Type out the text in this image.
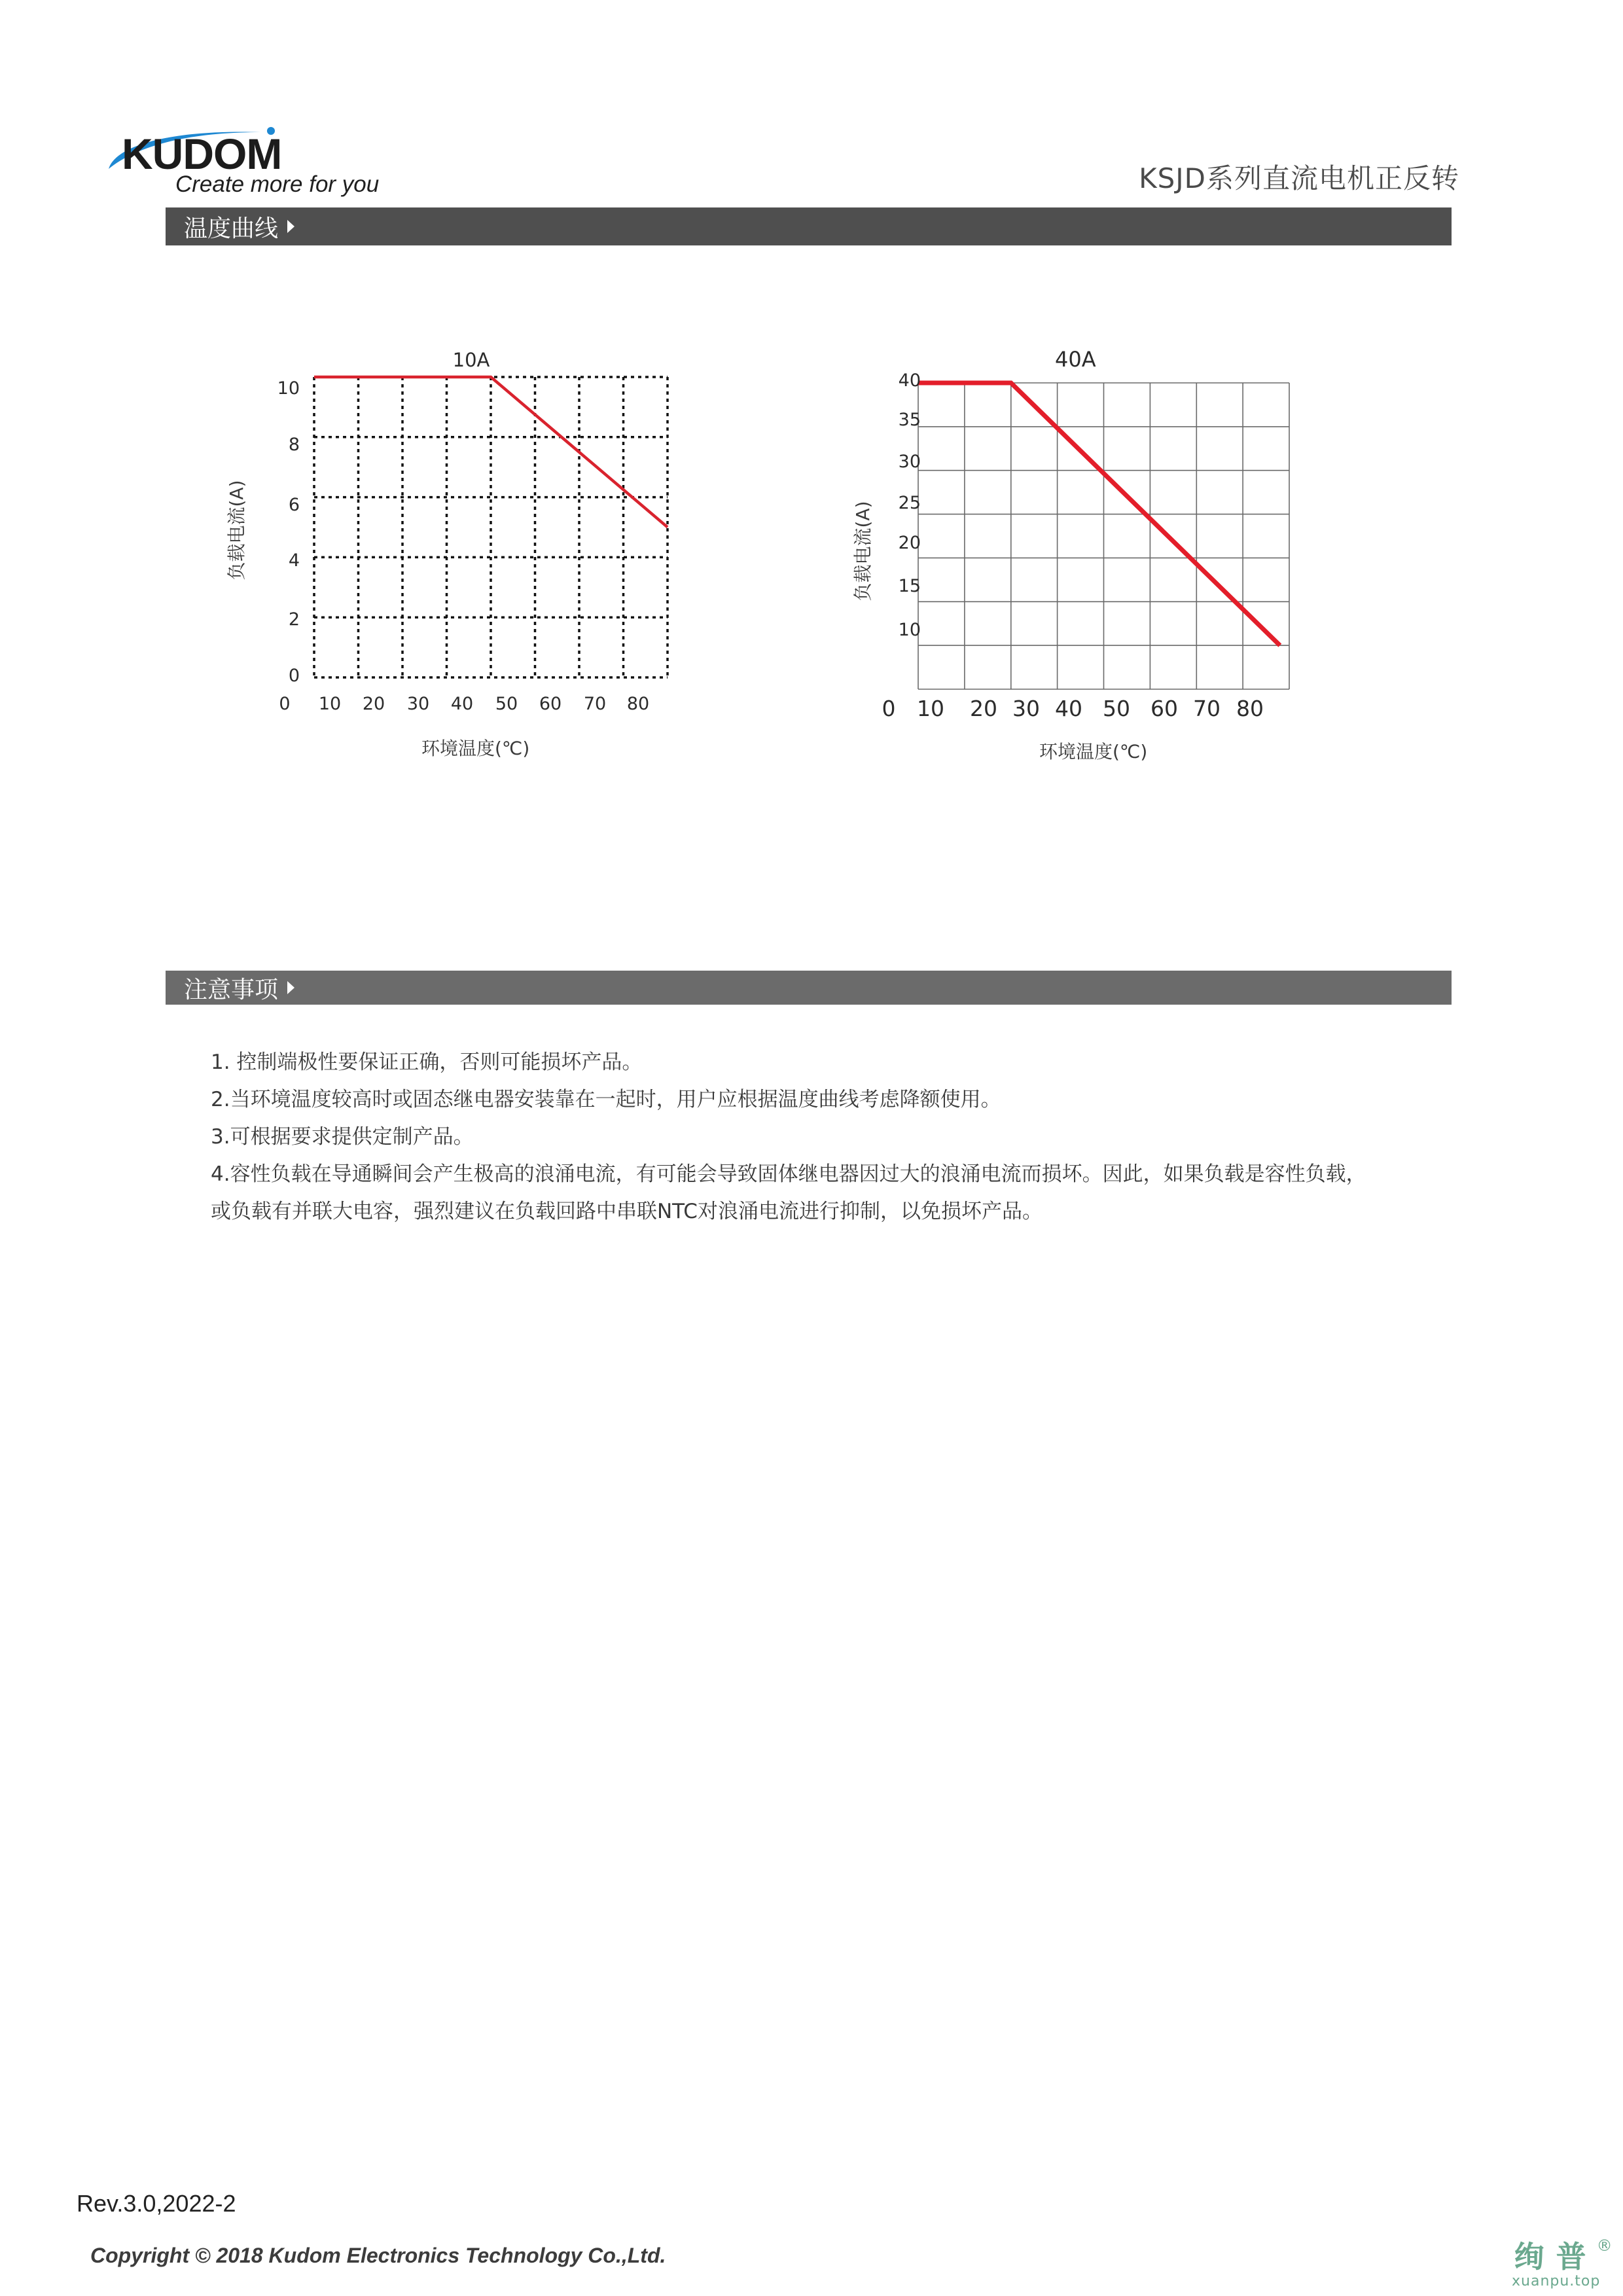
KUDOM
Create more for you	KSJD系列直流电机正反转
温度曲线
10A
10
8
6
4
2
0
0	10	20	30	40	50	60	70	80
环境温度(℃)
负载电流(A)
40A
40
35
30
25
20
15
10
0 10 20 30 40 50 60 70 80
环境温度(℃)
负载电流(A)
注意事项

1. 控制端极性要保证正确，否则可能损坏产品。

2.当环境温度较高时或固态继电器安装靠在一起时，用户应根据温度曲线考虑降额使用。

3.可根据要求提供定制产品。

4.容性负载在导通瞬间会产生极高的浪涌电流，有可能会导致固体继电器因过大的浪涌电流而损坏。因此，如果负载是容性负载，

或负载有并联大电容，强烈建议在负载回路中串联NTC对浪涌电流进行抑制，以免损坏产品。

Rev.3.0,2022-2
Copyright © 2018 Kudom Electronics Technology Co.,Ltd.	绚普
®
xuanpu.top
